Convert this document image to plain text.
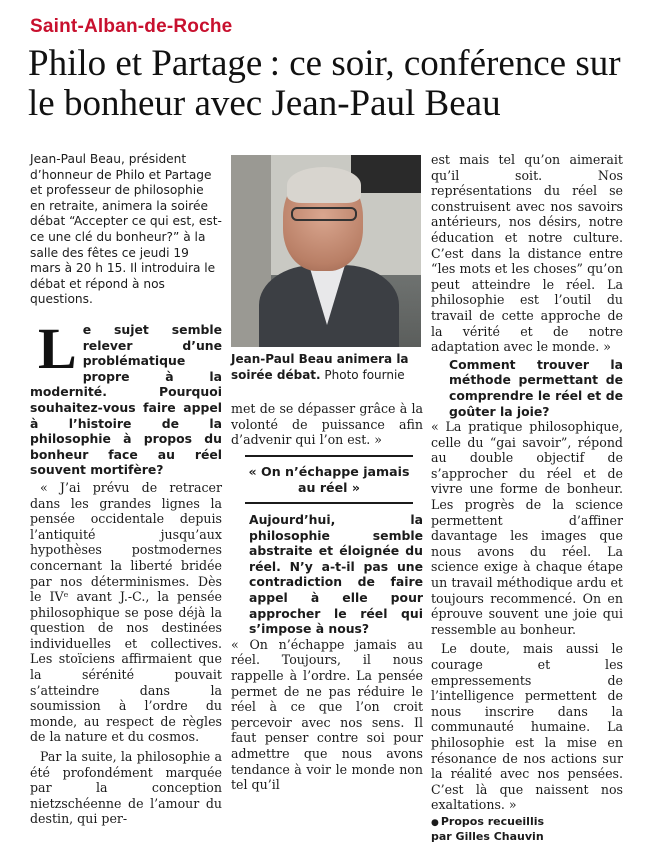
Saint-Alban-de-Roche
Philo et Partage : ce soir, conférence sur le bonheur avec Jean-Paul Beau

Jean-Paul Beau, président d’honneur de Philo et Partage et professeur de philosophie en retraite, animera la soirée débat “Accepter ce qui est, est-ce une clé du bonheur?” à la salle des fêtes ce jeudi 19 mars à 20 h 15. Il introduira le débat et répond à nos questions.

Le sujet semble relever d’une problématique propre à la modernité. Pourquoi souhaitez-vous faire appel à l’histoire de la philosophie à propos du bonheur face au réel souvent mortifère?

« J’ai prévu de retracer dans les grandes lignes la pensée occidentale depuis l’antiquité jusqu’aux hypothèses postmodernes concernant la liberté bridée par nos déterminismes. Dès le IVᵉ avant J.-C., la pensée philosophique se pose déjà la question de nos destinées individuelles et collectives. Les stoïciens affirmaient que la sérénité pouvait s’atteindre dans la soumission à l’ordre du monde, au respect de règles de la nature et du cosmos.

Par la suite, la philosophie a été profondément marquée par la conception nietzschéenne de l’amour du destin, qui per-

Jean-Paul Beau animera la soirée débat. Photo fournie

met de se dépasser grâce à la volonté de puissance afin d’advenir qui l’on est. »

« On n’échappe jamais au réel »

Aujourd’hui, la philosophie semble abstraite et éloignée du réel. N’y a-t-il pas une contradiction de faire appel à elle pour approcher le réel qui s’impose à nous?

« On n’échappe jamais au réel. Toujours, il nous rappelle à l’ordre. La pensée permet de ne pas réduire le réel à ce que l’on croit percevoir avec nos sens. Il faut penser contre soi pour admettre que nous avons tendance à voir le monde non tel qu’il

est mais tel qu’on aimerait qu’il soit. Nos représentations du réel se construisent avec nos savoirs antérieurs, nos désirs, notre éducation et notre culture. C’est dans la distance entre “les mots et les choses” qu’on peut atteindre le réel. La philosophie est l’outil du travail de cette approche de la vérité et de notre adaptation avec le monde. »

Comment trouver la méthode permettant de comprendre le réel et de goûter la joie?

« La pratique philosophique, celle du “gai savoir”, répond au double objectif de s’approcher du réel et de vivre une forme de bonheur. Les progrès de la science permettent d’affiner davantage les images que nous avons du réel. La science exige à chaque étape un travail méthodique ardu et toujours recommencé. On en éprouve souvent une joie qui ressemble au bonheur.

Le doute, mais aussi le courage et les empressements de l’intelligence permettent de nous inscrire dans la communauté humaine. La philosophie est la mise en résonance de nos actions sur la réalité avec nos pensées. C’est là que naissent nos exaltations. »

● Propos recueillis
par Gilles Chauvin
